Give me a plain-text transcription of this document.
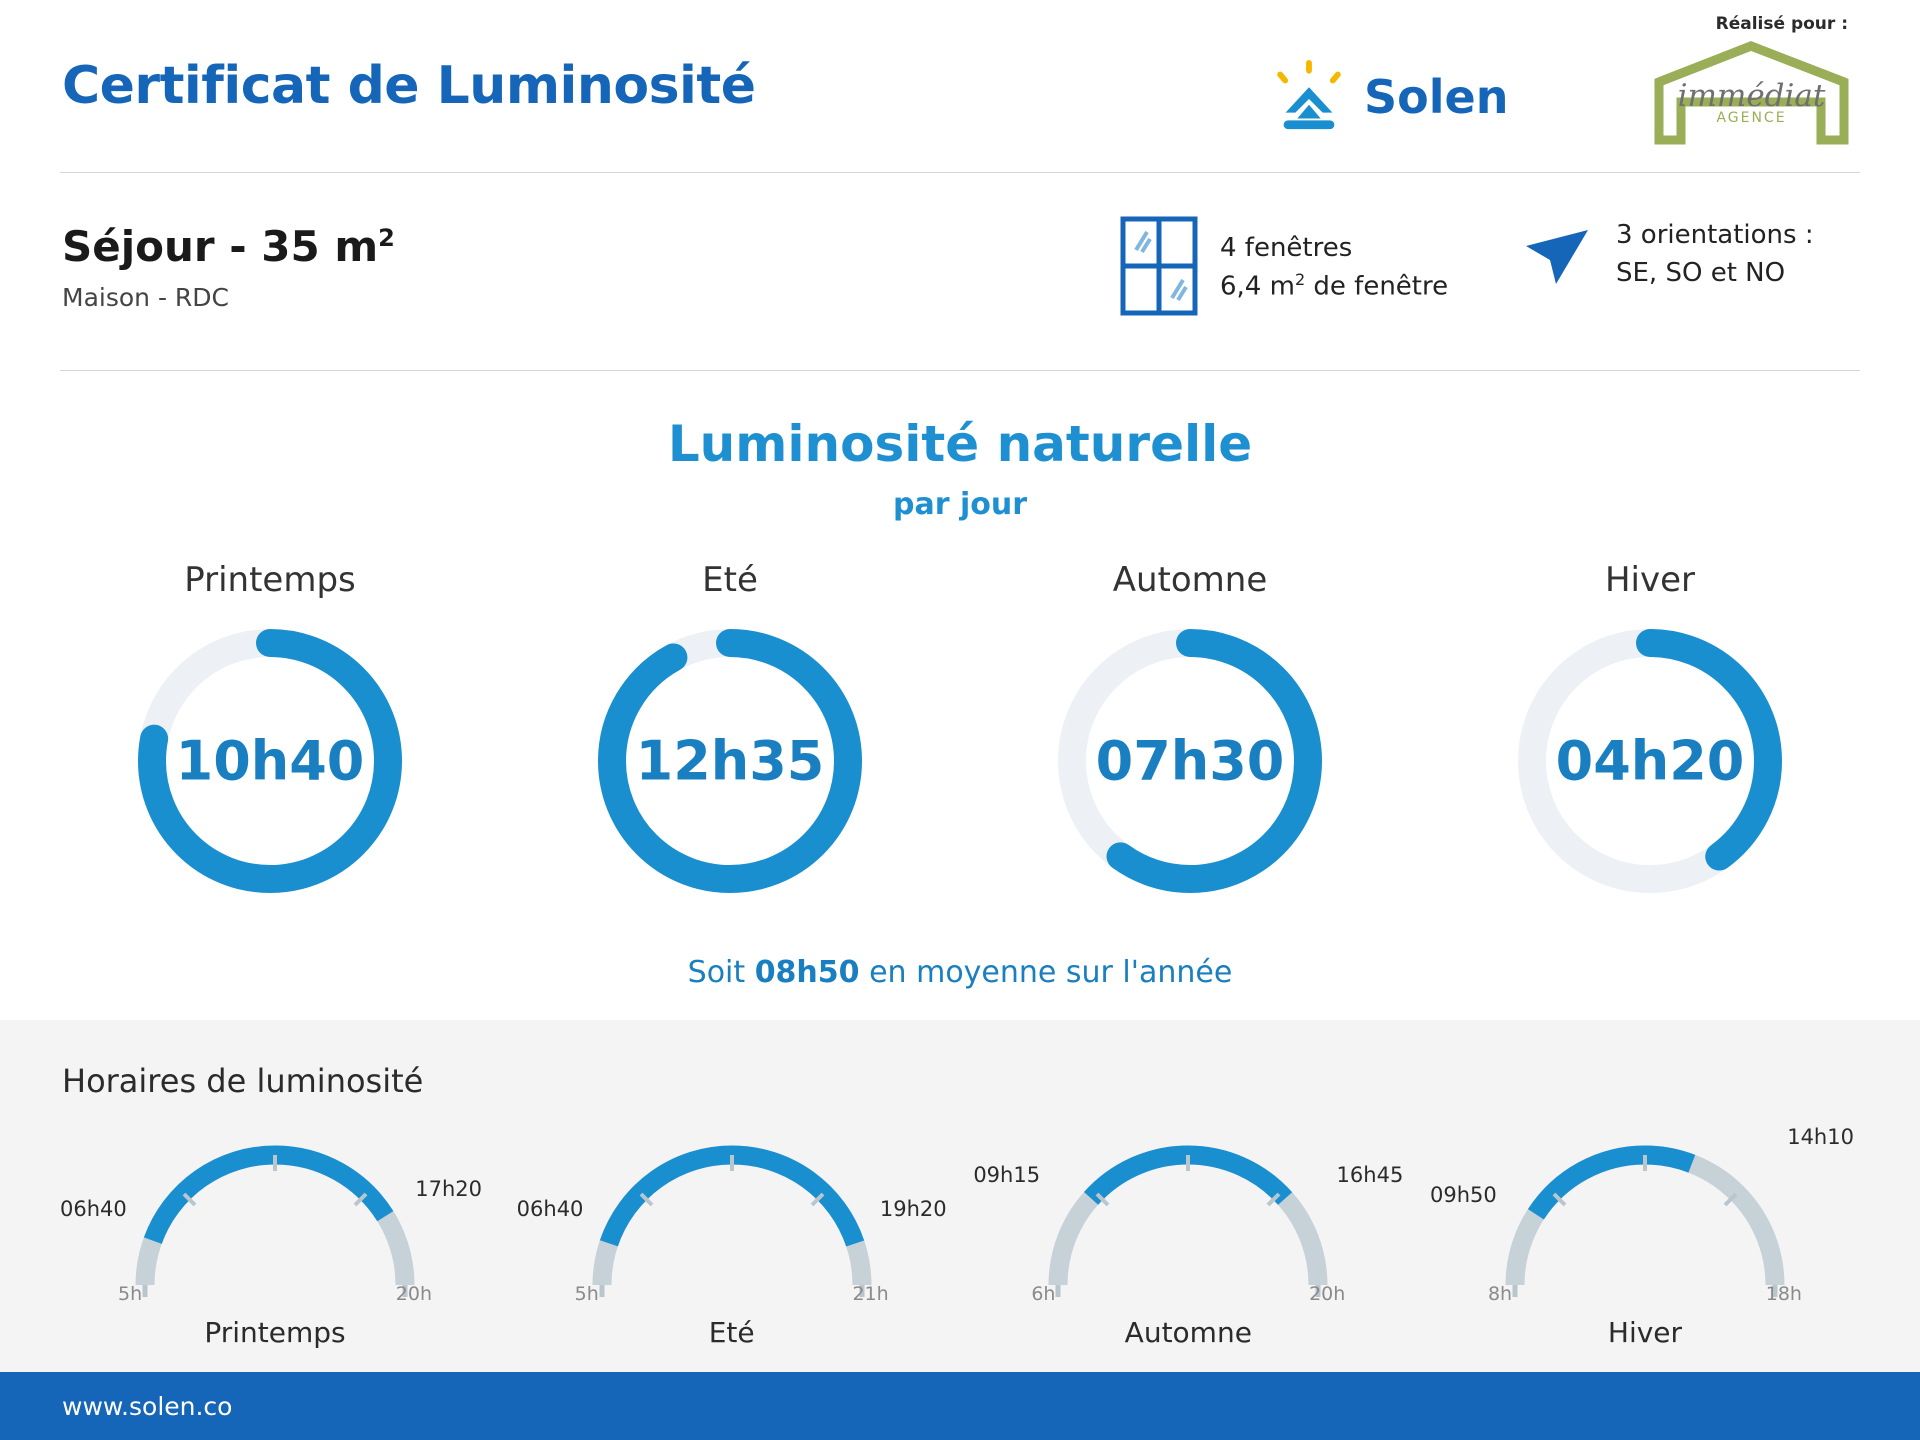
Certificat de Luminosité	Solen
Réalisé pour :
immédiat
AGENCE
Séjour - 35 $m^2$
Maison - RDC
4 fenêtres
6,4 $m^2$ de fenêtre
3 orientations :
SE, SO et NO
Luminosité naturelle
par jour
Printemps
10h40
Eté
12h35
Automne
07h30
Hiver
04h20
Soit 08h50 en moyenne sur l'année
Horaires de luminosité
06h40
17h20
5h	20h
Printemps
06h40	19h20
5h	21h
Eté
09h15	16h45
6h	20h
Automne
09h50
14h10
8h	18h
Hiver
www.solen.co
